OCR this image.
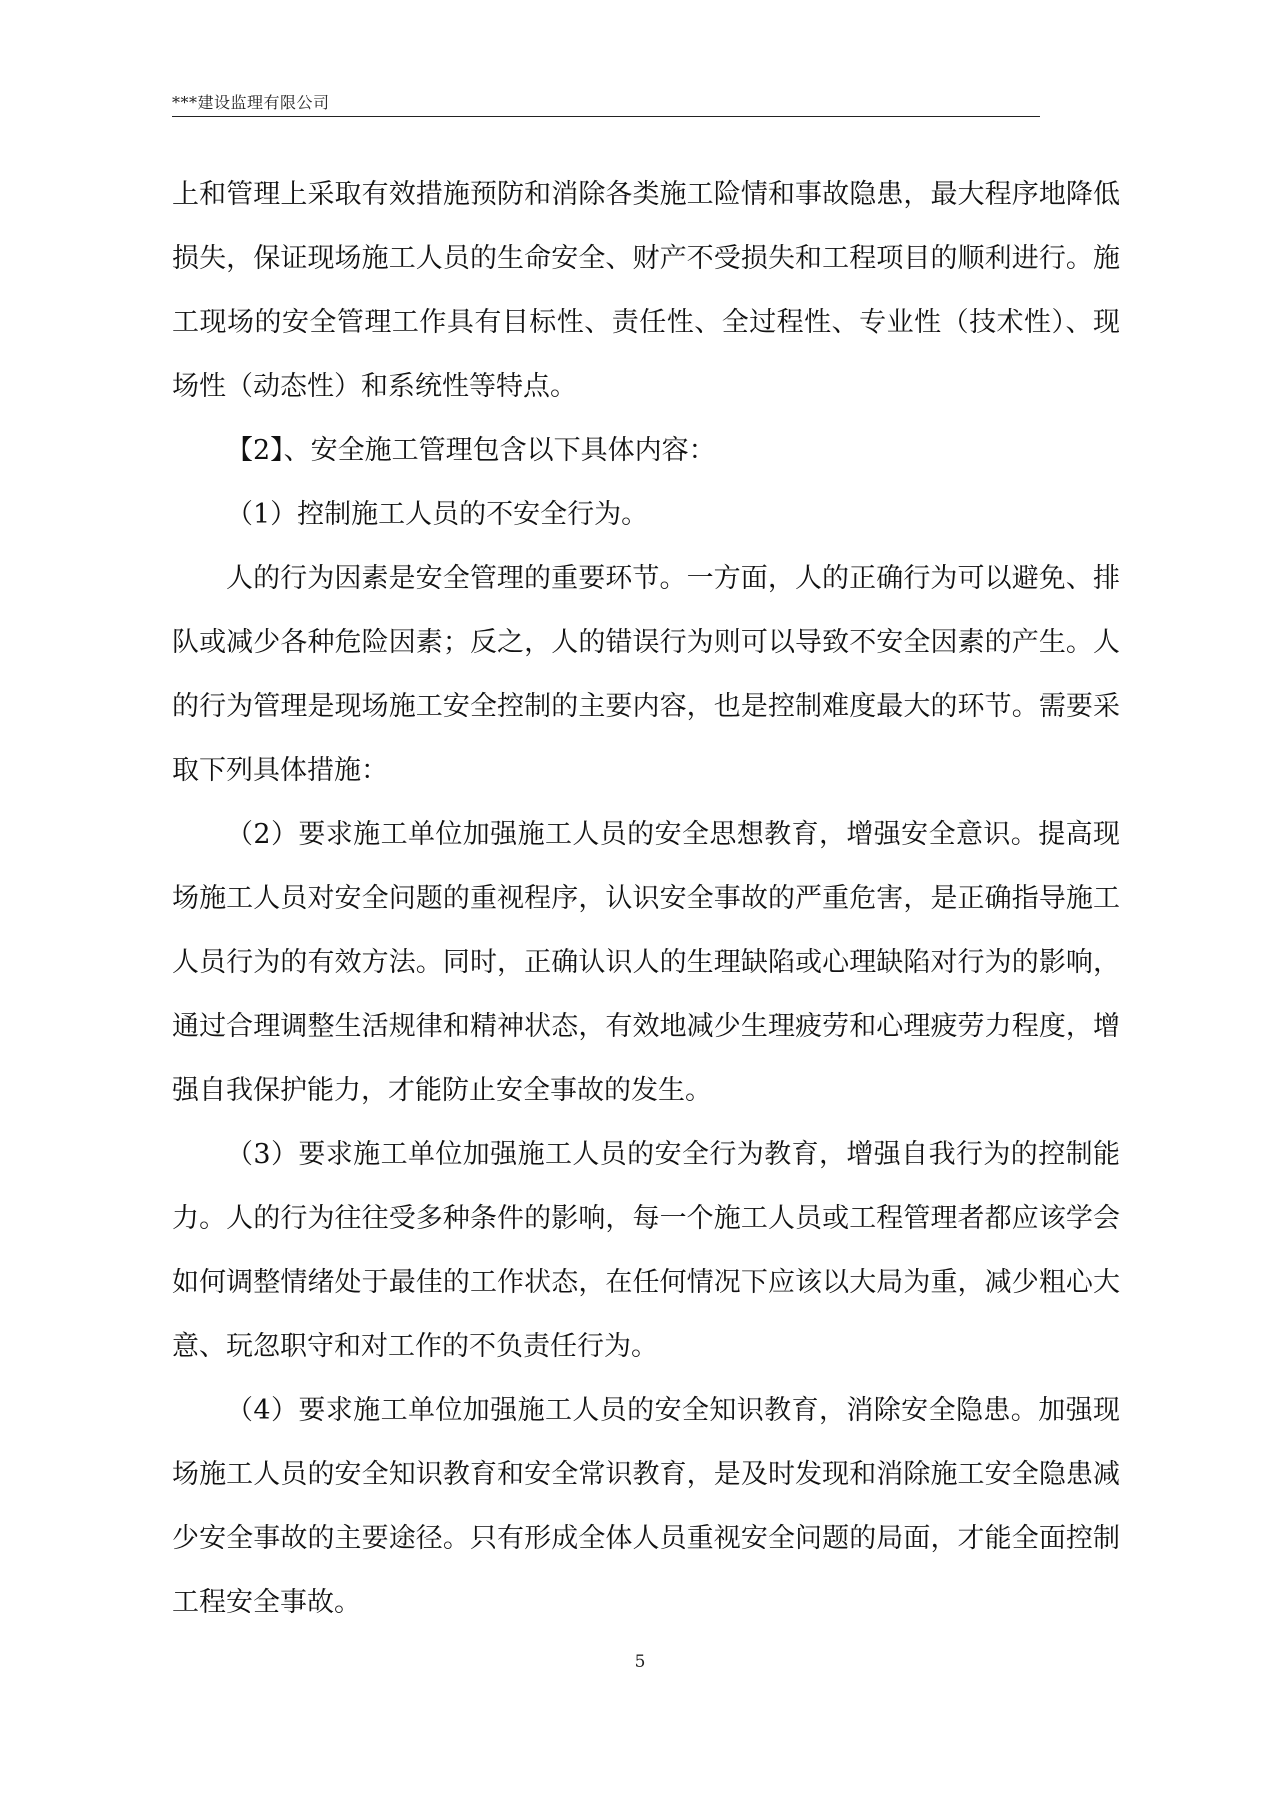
***建设监理有限公司

上和管理上采取有效措施预防和消除各类施工险情和事故隐患，最大程序地降低损失，保证现场施工人员的生命安全、财产不受损失和工程项目的顺利进行。施工现场的安全管理工作具有目标性、责任性、全过程性、专业性（技术性）、现场性（动态性）和系统性等特点。

【2】、安全施工管理包含以下具体内容：

（1）控制施工人员的不安全行为。

人的行为因素是安全管理的重要环节。一方面，人的正确行为可以避免、排队或减少各种危险因素；反之，人的错误行为则可以导致不安全因素的产生。人的行为管理是现场施工安全控制的主要内容，也是控制难度最大的环节。需要采取下列具体措施：

（2）要求施工单位加强施工人员的安全思想教育，增强安全意识。提高现场施工人员对安全问题的重视程序，认识安全事故的严重危害，是正确指导施工人员行为的有效方法。同时，正确认识人的生理缺陷或心理缺陷对行为的影响，通过合理调整生活规律和精神状态，有效地减少生理疲劳和心理疲劳力程度，增强自我保护能力，才能防止安全事故的发生。

（3）要求施工单位加强施工人员的安全行为教育，增强自我行为的控制能力。人的行为往往受多种条件的影响，每一个施工人员或工程管理者都应该学会如何调整情绪处于最佳的工作状态，在任何情况下应该以大局为重，减少粗心大意、玩忽职守和对工作的不负责任行为。

（4）要求施工单位加强施工人员的安全知识教育，消除安全隐患。加强现场施工人员的安全知识教育和安全常识教育，是及时发现和消除施工安全隐患减少安全事故的主要途径。只有形成全体人员重视安全问题的局面，才能全面控制工程安全事故。

5
